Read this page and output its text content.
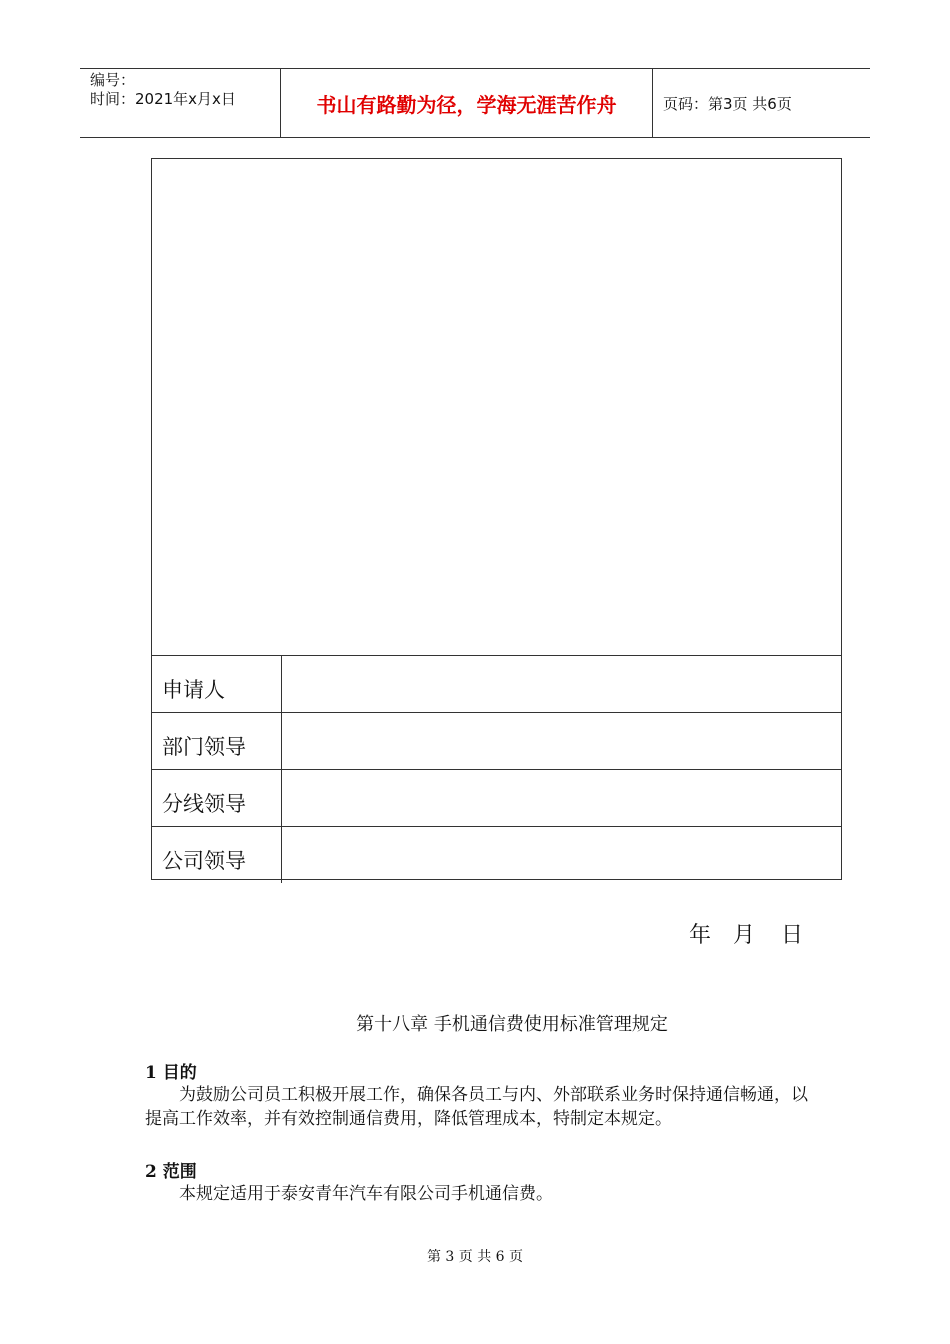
编号：
时间：2021年x月x日	书山有路勤为径，学海无涯苦作舟	页码：第3页 共6页
申请人
部门领导
分线领导
公司领导
年 月 日
第十八章 手机通信费使用标准管理规定
1 目的
为鼓励公司员工积极开展工作，确保各员工与内、外部联系业务时保持通信畅通，以提高工作效率，并有效控制通信费用，降低管理成本，特制定本规定。
2 范围
本规定适用于泰安青年汽车有限公司手机通信费。
第 3 页 共 6 页
